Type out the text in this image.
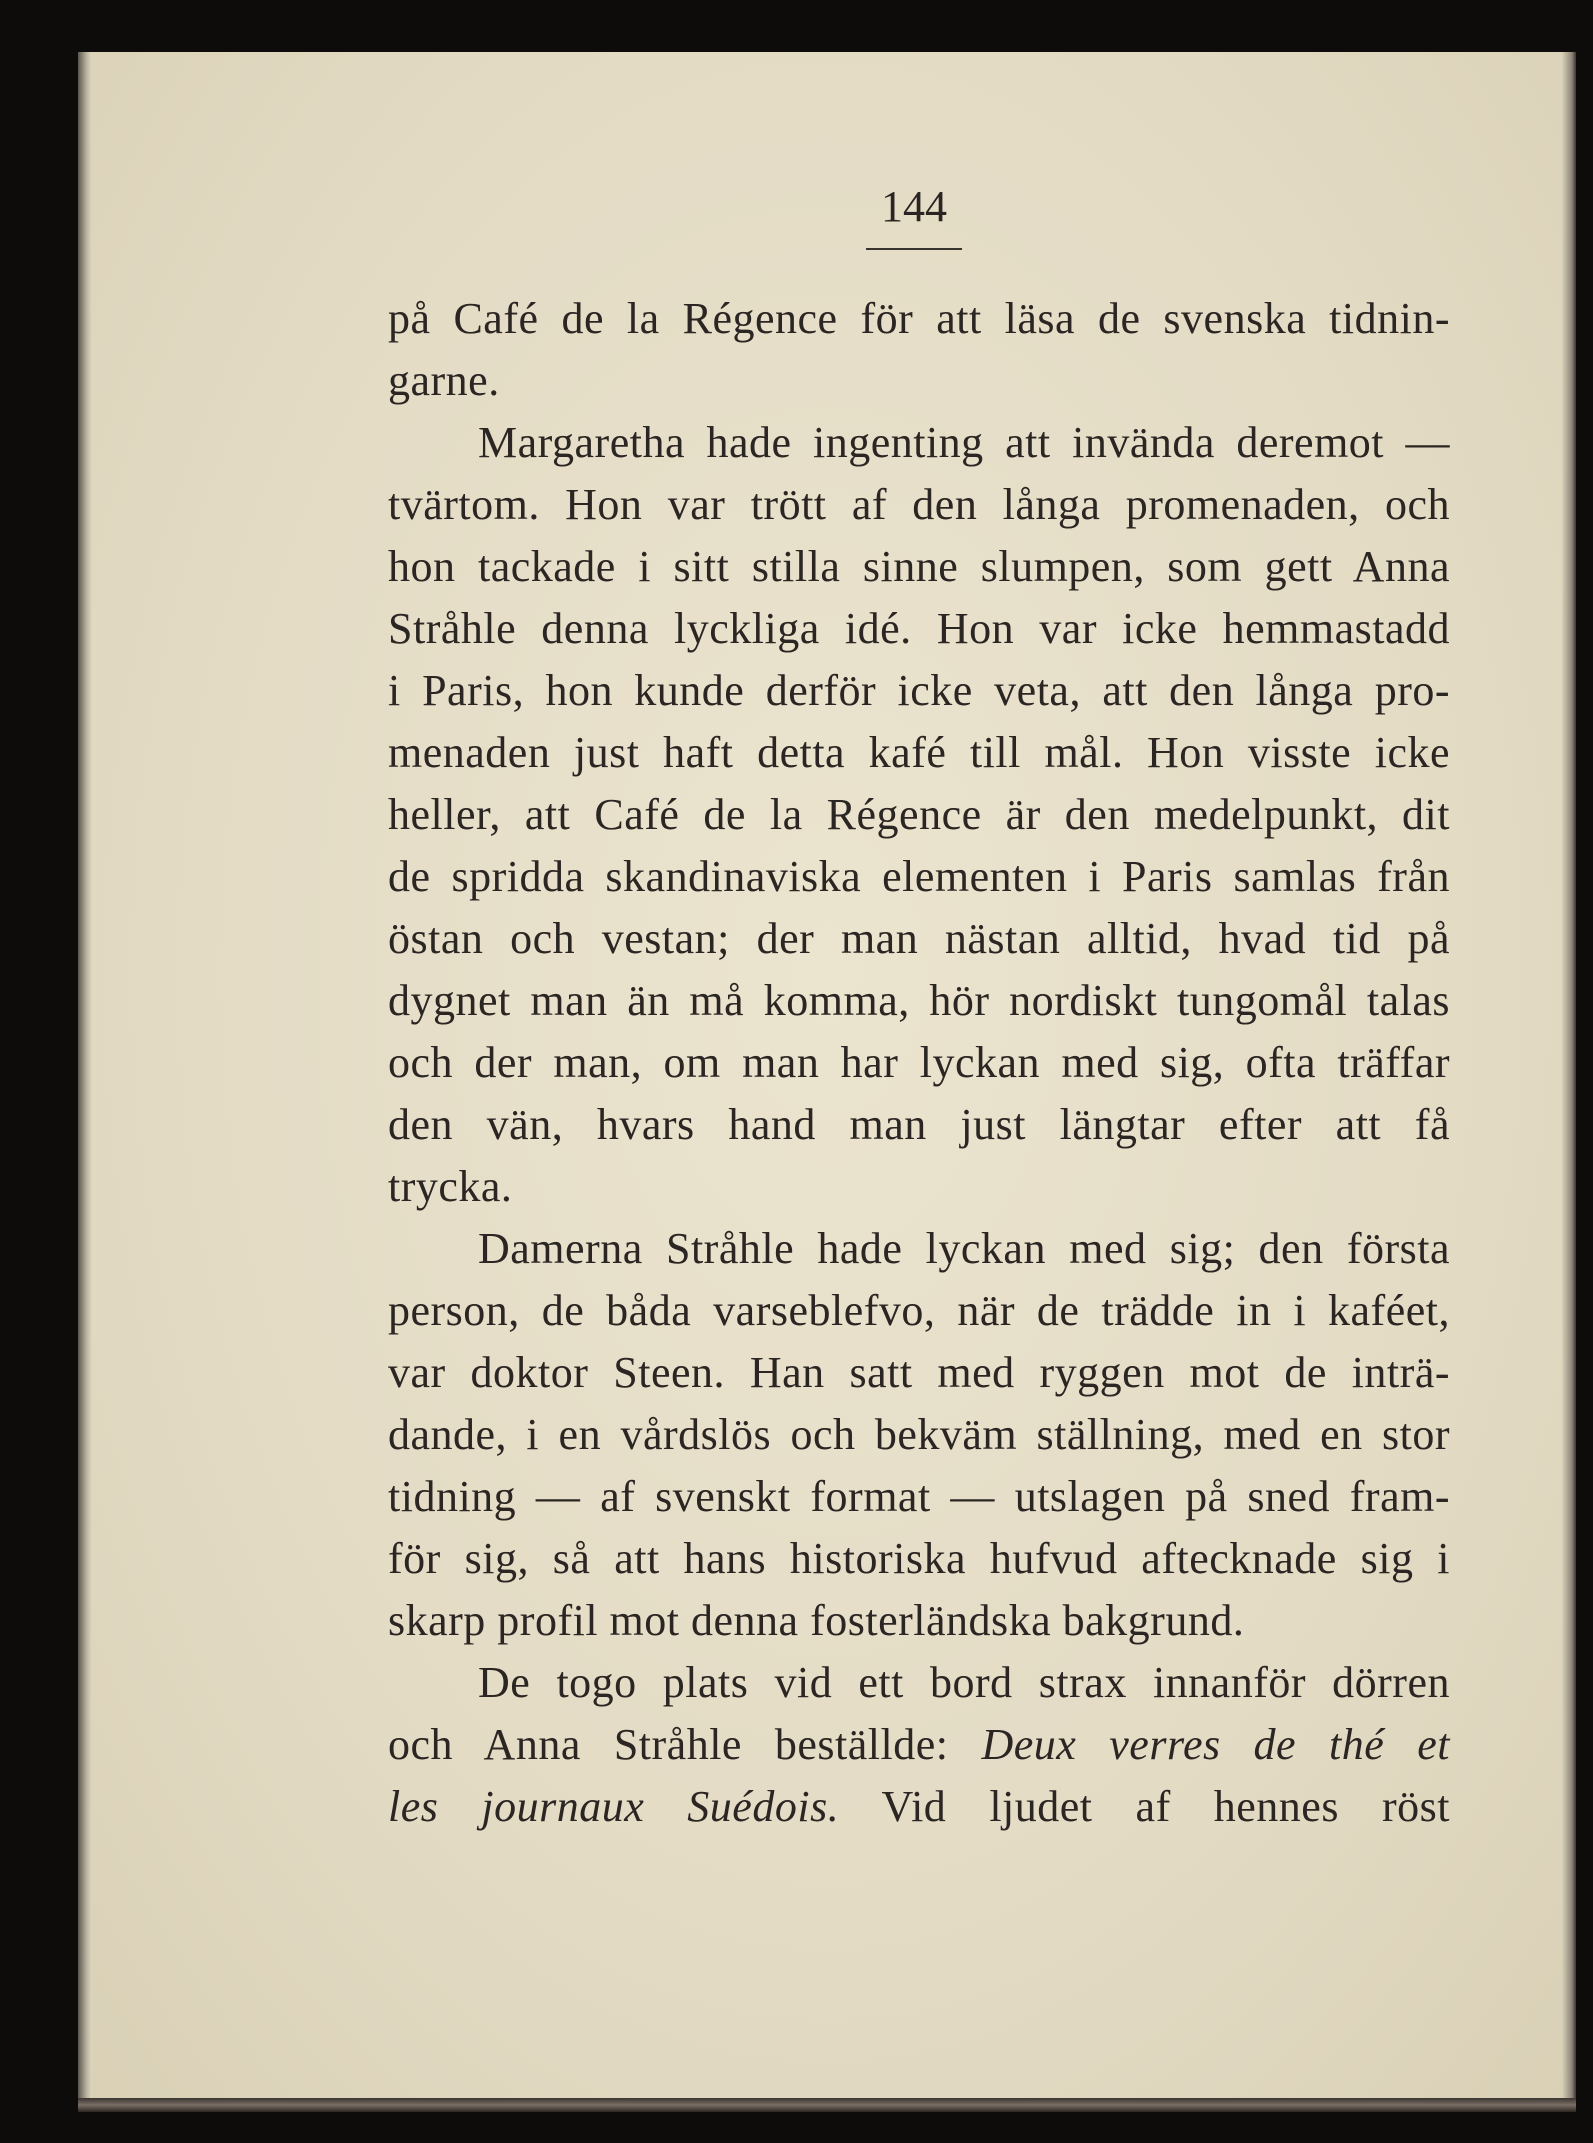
144
på Café de la Régence för att läsa de svenska tidnin-
garne.
Margaretha hade ingenting att invända deremot —
tvärtom. Hon var trött af den långa promenaden, och
hon tackade i sitt stilla sinne slumpen, som gett Anna
Stråhle denna lyckliga idé. Hon var icke hemmastadd
i Paris, hon kunde derför icke veta, att den långa pro-
menaden just haft detta kafé till mål. Hon visste icke
heller, att Café de la Régence är den medelpunkt, dit
de spridda skandinaviska elementen i Paris samlas från
östan och vestan; der man nästan alltid, hvad tid på
dygnet man än må komma, hör nordiskt tungomål talas
och der man, om man har lyckan med sig, ofta träffar
den vän, hvars hand man just längtar efter att få
trycka.
Damerna Stråhle hade lyckan med sig; den första
person, de båda varseblefvo, när de trädde in i kaféet,
var doktor Steen. Han satt med ryggen mot de inträ-
dande, i en vårdslös och bekväm ställning, med en stor
tidning — af svenskt format — utslagen på sned fram-
för sig, så att hans historiska hufvud aftecknade sig i
skarp profil mot denna fosterländska bakgrund.
De togo plats vid ett bord strax innanför dörren
och Anna Stråhle beställde: Deux verres de thé et
les journaux Suédois. Vid ljudet af hennes röst
